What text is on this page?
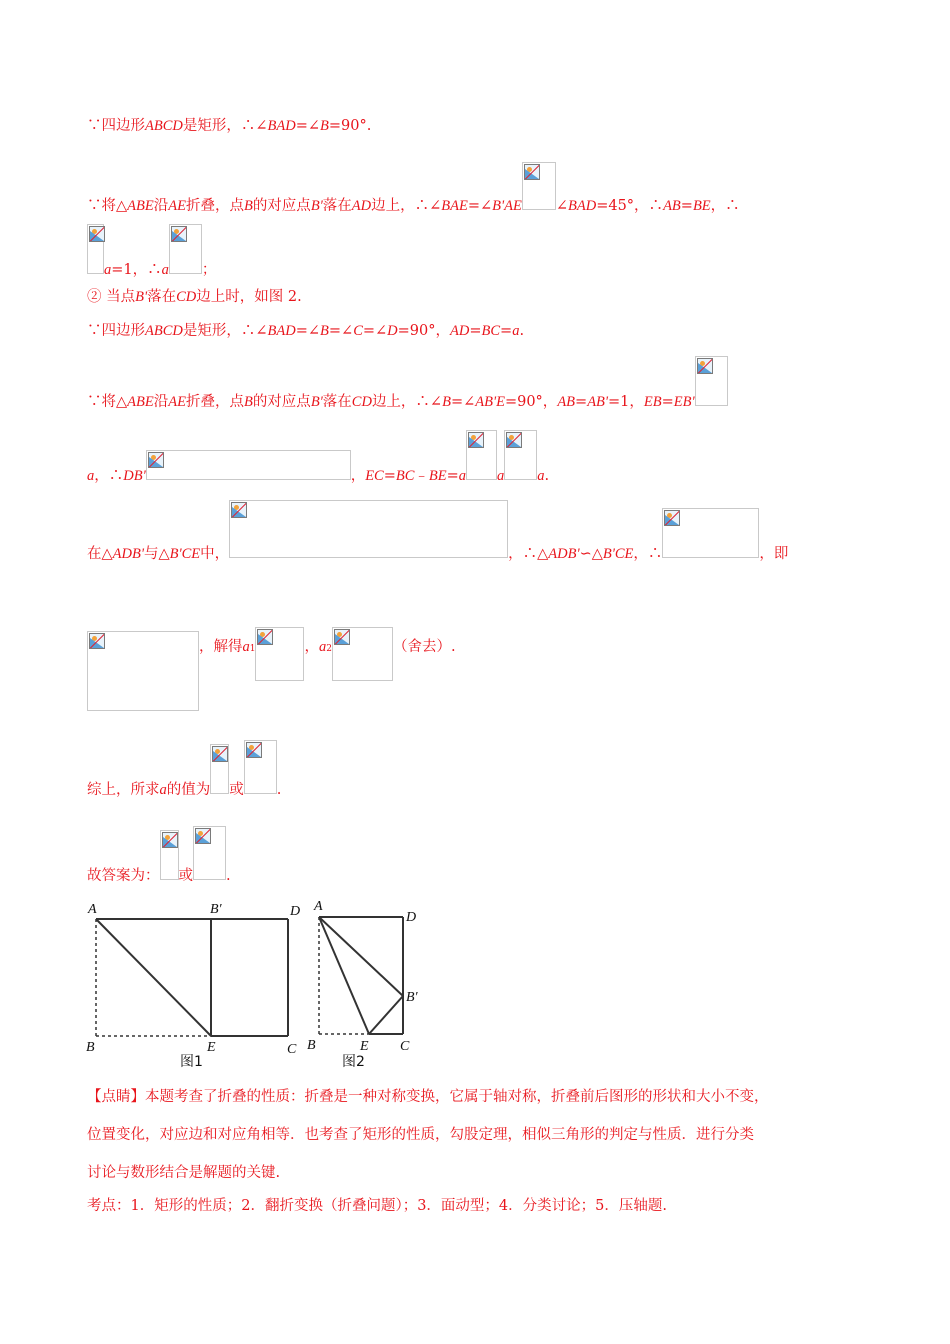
∵四边形ABCD是矩形，∴∠BAD=∠B=90°.
∵将△ABE沿AE折叠，点B的对应点B'落在AD边上，∴∠BAE=∠B'AE ∠BAD=45°，∴AB=BE，∴
a=1，∴a ；
② 当点B'落在CD边上时，如图 2.
∵四边形ABCD是矩形，∴∠BAD=∠B=∠C=∠D=90°，AD=BC=a.
∵将△ABE沿AE折叠，点B的对应点B'落在CD边上，∴∠B=∠AB'E=90°，AB=AB'=1，EB=EB'
a，∴DB'	，EC=BC﹣BE=a a a.
在△ADB'与△B'CE中，	，∴△ADB'∽△B'CE，∴	，即
，解得a1	，a2	（舍去）.
综上，所求a的值为 或 .
故答案为： 或 .
A	B′	D
B	E	C
图1
A
D
B′
B	E C
图2
【点睛】本题考查了折叠的性质：折叠是一种对称变换，它属于轴对称，折叠前后图形的形状和大小不变，
位置变化，对应边和对应角相等．也考查了矩形的性质，勾股定理，相似三角形的判定与性质．进行分类
讨论与数形结合是解题的关键.
考点：1．矩形的性质；2．翻折变换（折叠问题）；3．面动型；4．分类讨论；5．压轴题.
